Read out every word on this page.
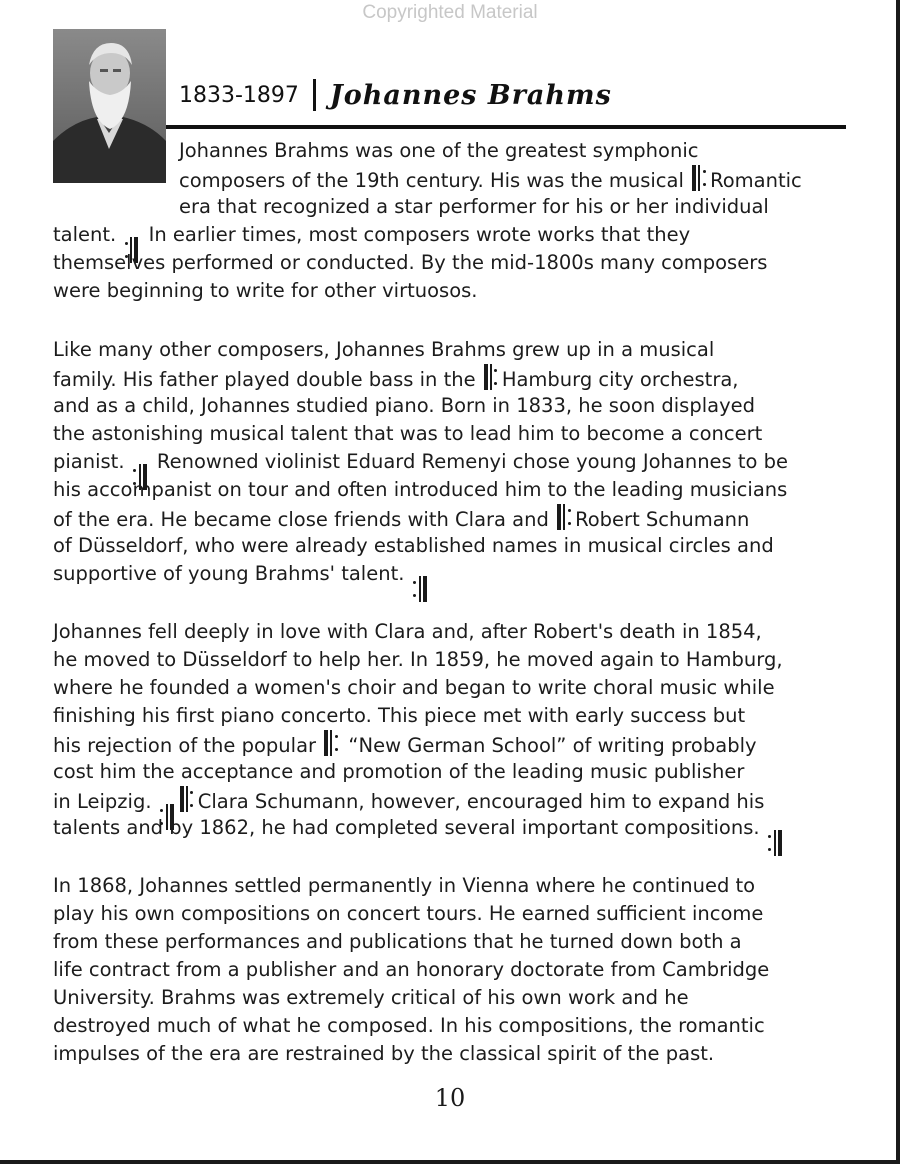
Copyrighted Material
1833-1897 Johannes Brahms
Johannes Brahms was one of the greatest symphonic
composers of the 19th century. His was the musical
Romantic
era that recognized a star performer for his or her individual
talent.
In earlier times, most composers wrote works that they
themselves performed or conducted. By the mid-1800s many composers
were beginning to write for other virtuosos.
Like many other composers, Johannes Brahms grew up in a musical
family. His father played double bass in the
Hamburg city orchestra,
and as a child, Johannes studied piano. Born in 1833, he soon displayed
the astonishing musical talent that was to lead him to become a concert
pianist.
Renowned violinist Eduard Remenyi chose young Johannes to be
his accompanist on tour and often introduced him to the leading musicians
of the era. He became close friends with Clara and
Robert Schumann
of Düsseldorf, who were already established names in musical circles and
supportive of young Brahms' talent.
Johannes fell deeply in love with Clara and, after Robert's death in 1854,
he moved to Düsseldorf to help her. In 1859, he moved again to Hamburg,
where he founded a women's choir and began to write choral music while
finishing his first piano concerto. This piece met with early success but
his rejection of the popular
“New German School” of writing probably
cost him the acceptance and promotion of the leading music publisher
in Leipzig.
Clara Schumann, however, encouraged him to expand his
talents and by 1862, he had completed several important compositions.
In 1868, Johannes settled permanently in Vienna where he continued to
play his own compositions on concert tours. He earned sufficient income
from these performances and publications that he turned down both a
life contract from a publisher and an honorary doctorate from Cambridge
University. Brahms was extremely critical of his own work and he
destroyed much of what he composed. In his compositions, the romantic
impulses of the era are restrained by the classical spirit of the past.
10
